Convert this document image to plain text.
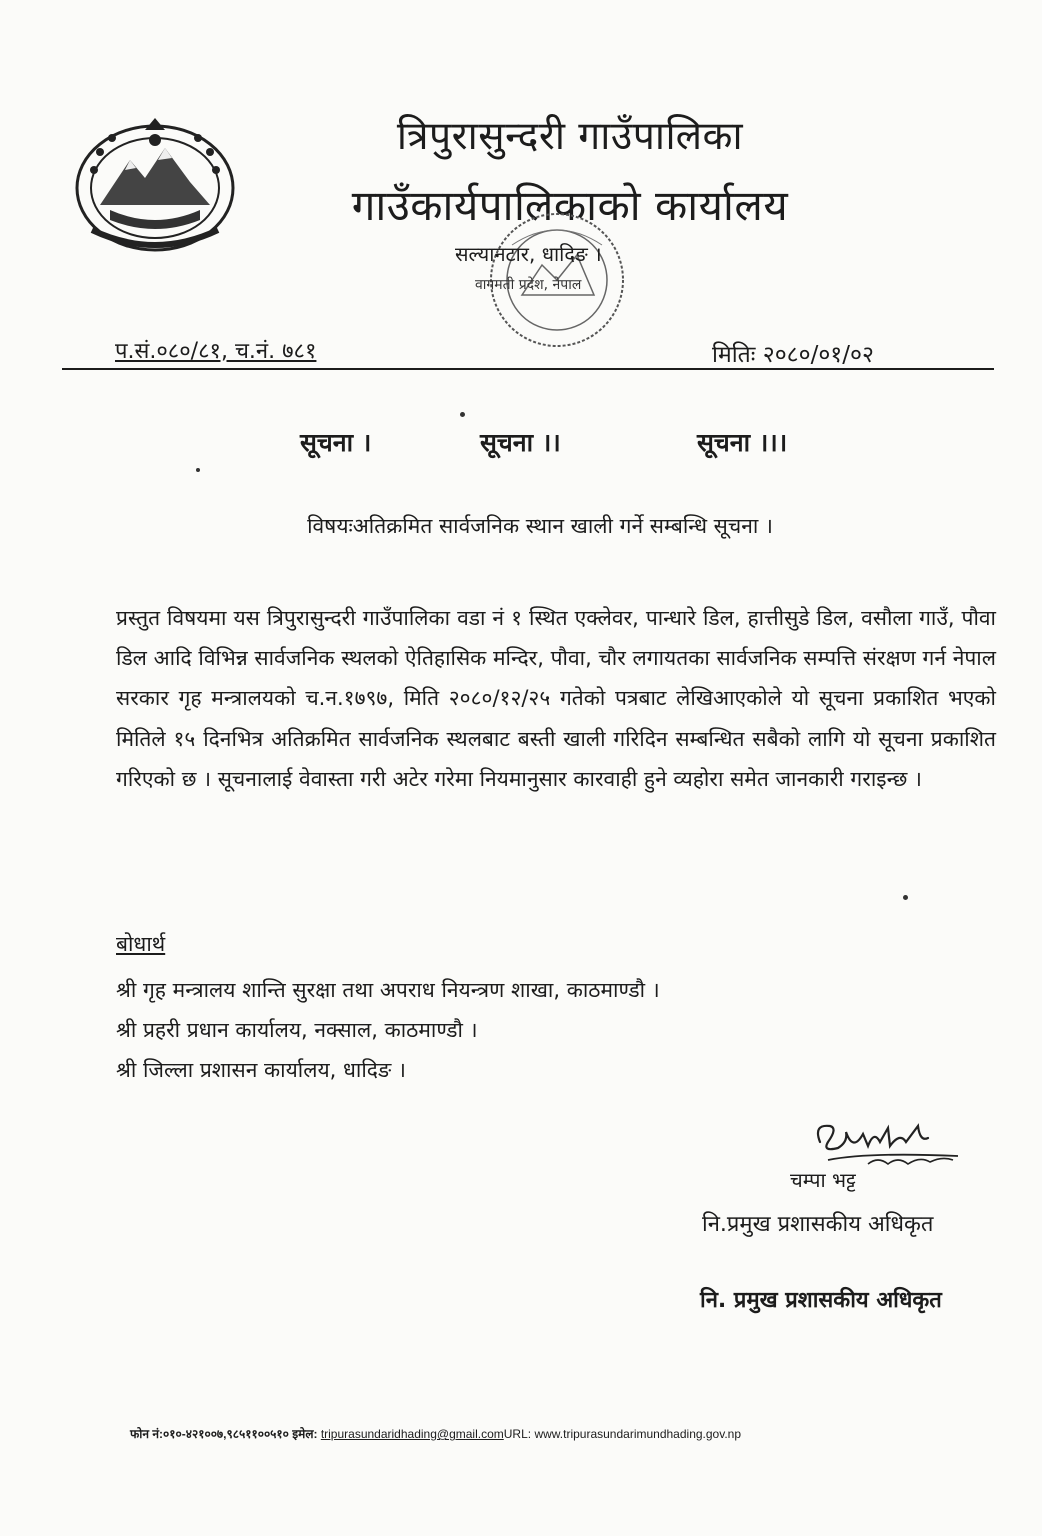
त्रिपुरासुन्दरी गाउँपालिका
गाउँकार्यपालिकाको कार्यालय
सल्यानटार, धादिङ ।
वागमती प्रदेश, नेपाल
प.सं.०८०/८१, च.नं. ७८१	मितिः २०८०/०१/०२
सूचना ।	सूचना ।।	सूचना ।।।
विषयःअतिक्रमित सार्वजनिक स्थान खाली गर्ने सम्बन्धि सूचना ।
प्रस्तुत विषयमा यस त्रिपुरासुन्दरी गाउँपालिका वडा नं १ स्थित एक्लेवर, पान्धारे डिल, हात्तीसुडे डिल, वसौला गाउँ, पौवा डिल आदि विभिन्न सार्वजनिक स्थलको ऐतिहासिक मन्दिर, पौवा, चौर लगायतका सार्वजनिक सम्पत्ति संरक्षण गर्न नेपाल सरकार गृह मन्त्रालयको च.न.१७९७, मिति २०८०/१२/२५ गतेको पत्रबाट लेखिआएकोले यो सूचना प्रकाशित भएको मितिले १५ दिनभित्र अतिक्रमित सार्वजनिक स्थलबाट बस्ती खाली गरिदिन सम्बन्धित सबैको लागि यो सूचना प्रकाशित गरिएको छ । सूचनालाई वेवास्ता गरी अटेर गरेमा नियमानुसार कारवाही हुने व्यहोरा समेत जानकारी गराइन्छ ।
बोधार्थ
श्री गृह मन्त्रालय शान्ति सुरक्षा तथा अपराध नियन्त्रण शाखा, काठमाण्डौ ।
श्री प्रहरी प्रधान कार्यालय, नक्साल, काठमाण्डौ ।
श्री जिल्ला प्रशासन कार्यालय, धादिङ ।
चम्पा भट्ट
नि.प्रमुख प्रशासकीय अधिकृत
नि. प्रमुख प्रशासकीय अधिकृत
फोन नं:०१०-४२१००७,९८५११००५१० इमेल: tripurasundaridhading@gmail.comURL: www.tripurasundarimundhading.gov.np
